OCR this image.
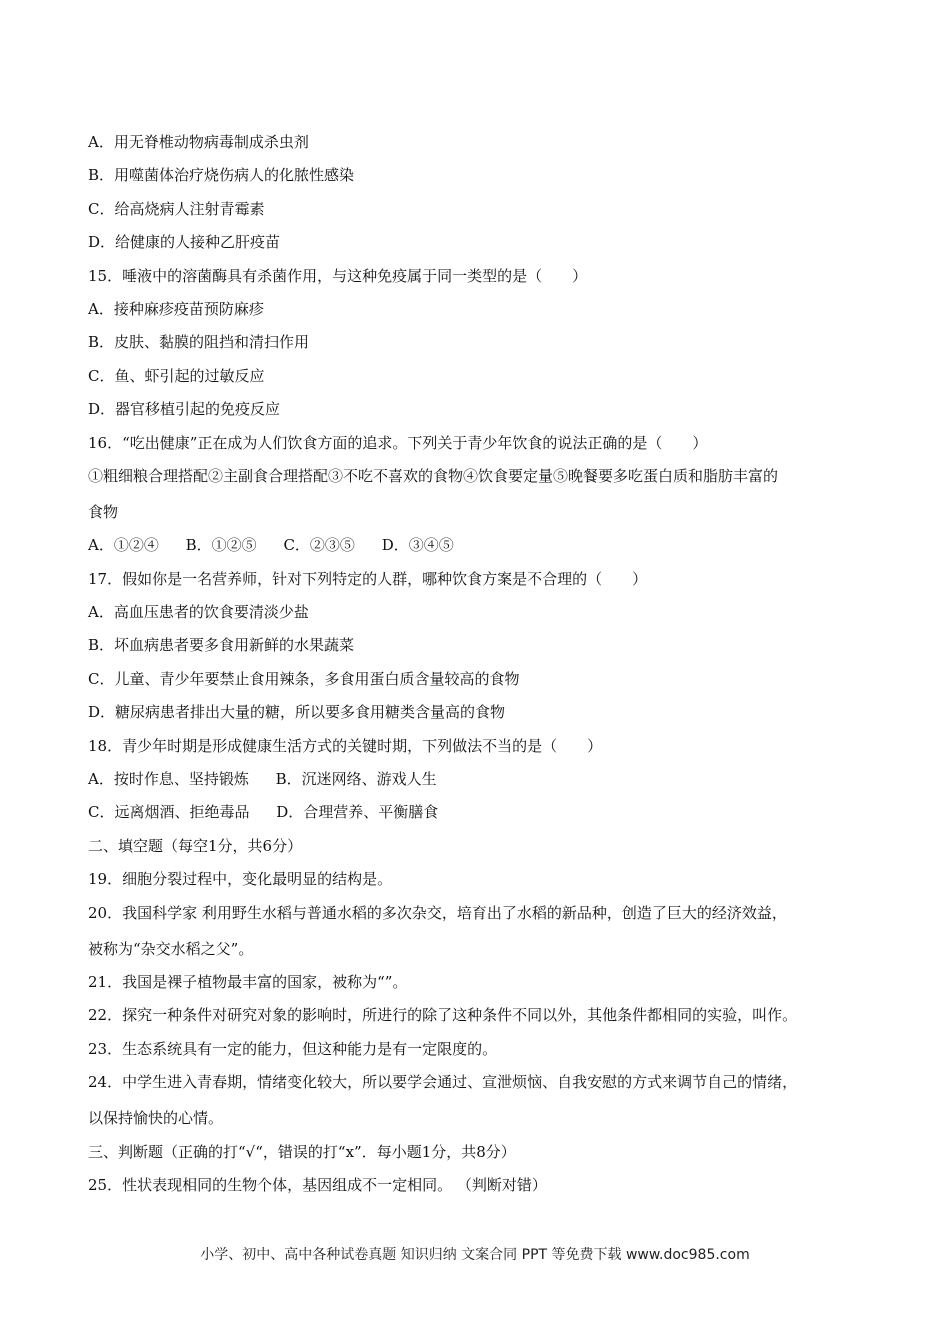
A．用无脊椎动物病毒制成杀虫剂
B．用噬菌体治疗烧伤病人的化脓性感染
C．给高烧病人注射青霉素
D．给健康的人接种乙肝疫苗
15．唾液中的溶菌酶具有杀菌作用，与这种免疫属于同一类型的是（　　）
A．接种麻疹疫苗预防麻疹
B．皮肤、黏膜的阻挡和清扫作用
C．鱼、虾引起的过敏反应
D．器官移植引起的免疫反应
16．“吃出健康”正在成为人们饮食方面的追求。下列关于青少年饮食的说法正确的是（　　）
①粗细粮合理搭配②主副食合理搭配③不吃不喜欢的食物④饮食要定量⑤晚餐要多吃蛋白质和脂肪丰富的
食物
A．①②④ B．①②⑤ C．②③⑤ D．③④⑤
17．假如你是一名营养师，针对下列特定的人群，哪种饮食方案是不合理的（　　）
A．高血压患者的饮食要清淡少盐
B．坏血病患者要多食用新鲜的水果蔬菜
C．儿童、青少年要禁止食用辣条，多食用蛋白质含量较高的食物
D．糖尿病患者排出大量的糖，所以要多食用糖类含量高的食物
18．青少年时期是形成健康生活方式的关键时期，下列做法不当的是（　　）
A．按时作息、坚持锻炼 B．沉迷网络、游戏人生
C．远离烟酒、拒绝毒品 D．合理营养、平衡膳食
二、填空题（每空1分，共6分）
19．细胞分裂过程中，变化最明显的结构是。
20．我国科学家 利用野生水稻与普通水稻的多次杂交，培育出了水稻的新品种，创造了巨大的经济效益，
被称为“杂交水稻之父”。
21．我国是裸子植物最丰富的国家，被称为“”。
22．探究一种条件对研究对象的影响时，所进行的除了这种条件不同以外，其他条件都相同的实验，叫作。
23．生态系统具有一定的能力，但这种能力是有一定限度的。
24．中学生进入青春期，情绪变化较大，所以要学会通过、宣泄烦恼、自我安慰的方式来调节自己的情绪，
以保持愉快的心情。
三、判断题（正确的打“√“，错误的打“x”．每小题1分，共8分）
25．性状表现相同的生物个体，基因组成不一定相同。 （判断对错）
小学、初中、高中各种试卷真题 知识归纳 文案合同 PPT 等免费下载 www.doc985.com
